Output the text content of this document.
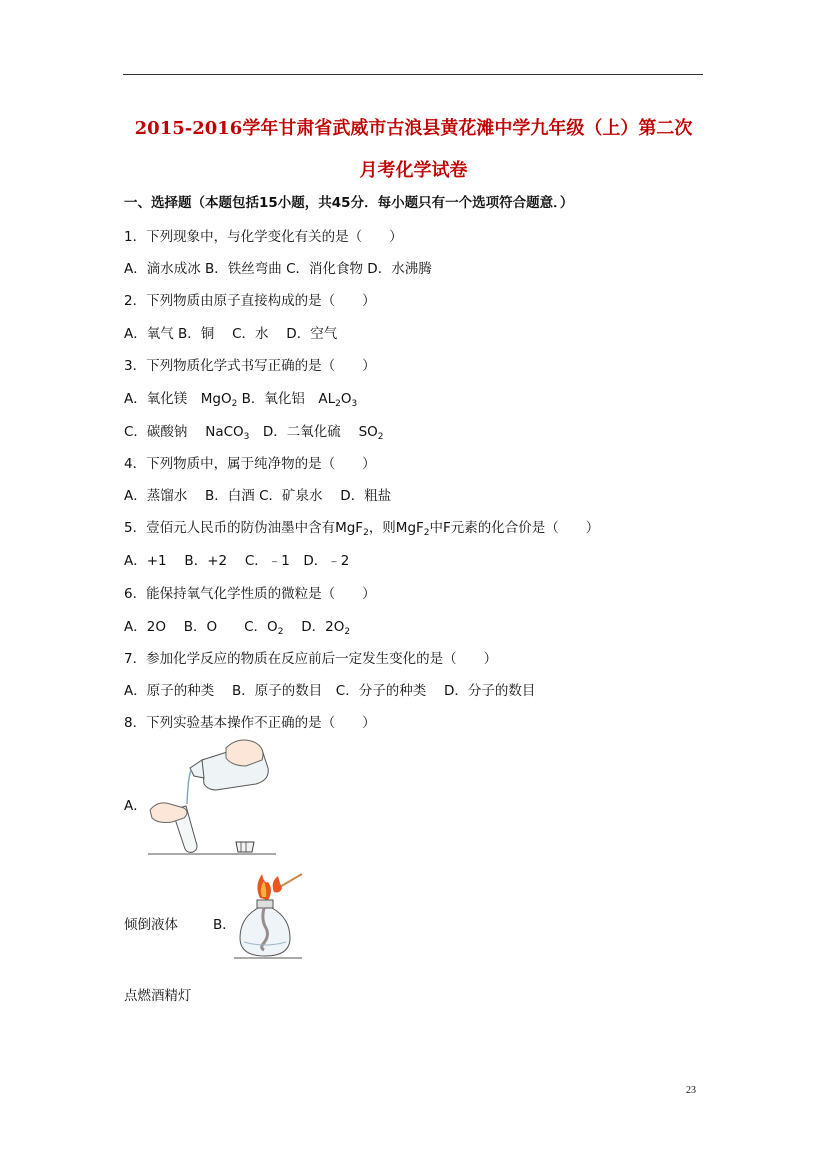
2015-2016学年甘肃省武威市古浪县黄花滩中学九年级（上）第二次
月考化学试卷
一、选择题（本题包括15小题，共45分．每小题只有一个选项符合题意．）
1．下列现象中，与化学变化有关的是（　　）
A．滴水成冰 B．铁丝弯曲 C．消化食物 D．水沸腾
2．下列物质由原子直接构成的是（　　）
A．氧气 B．铜　 C．水　 D．空气
3．下列物质化学式书写正确的是（　　）
A．氧化镁　MgO$_2$ B．氧化铝　$AL_2O_3$
C．碳酸钠　 NaCO$_3$　D．二氧化硫　 $SO_2$
4．下列物质中，属于纯净物的是（　　）
A．蒸馏水　 B．白酒 C．矿泉水　 D．粗盐
5．壹佰元人民币的防伪油墨中含有MgF$_2$，则MgF$_2$中F元素的化合价是（　　）
A．+1　 B．+2　 C．﹣1　D．﹣2
6．能保持氧气化学性质的微粒是（　　）
A．2O　 B．O　　C．$O_2$　 D．$2O_2$
7．参加化学反应的物质在反应前后一定发生变化的是（　　）
A．原子的种类　 B．原子的数目　C．分子的种类　 D．分子的数目
8．下列实验基本操作不正确的是（　　）
A．
倾倒液体	B．
点燃酒精灯
23
